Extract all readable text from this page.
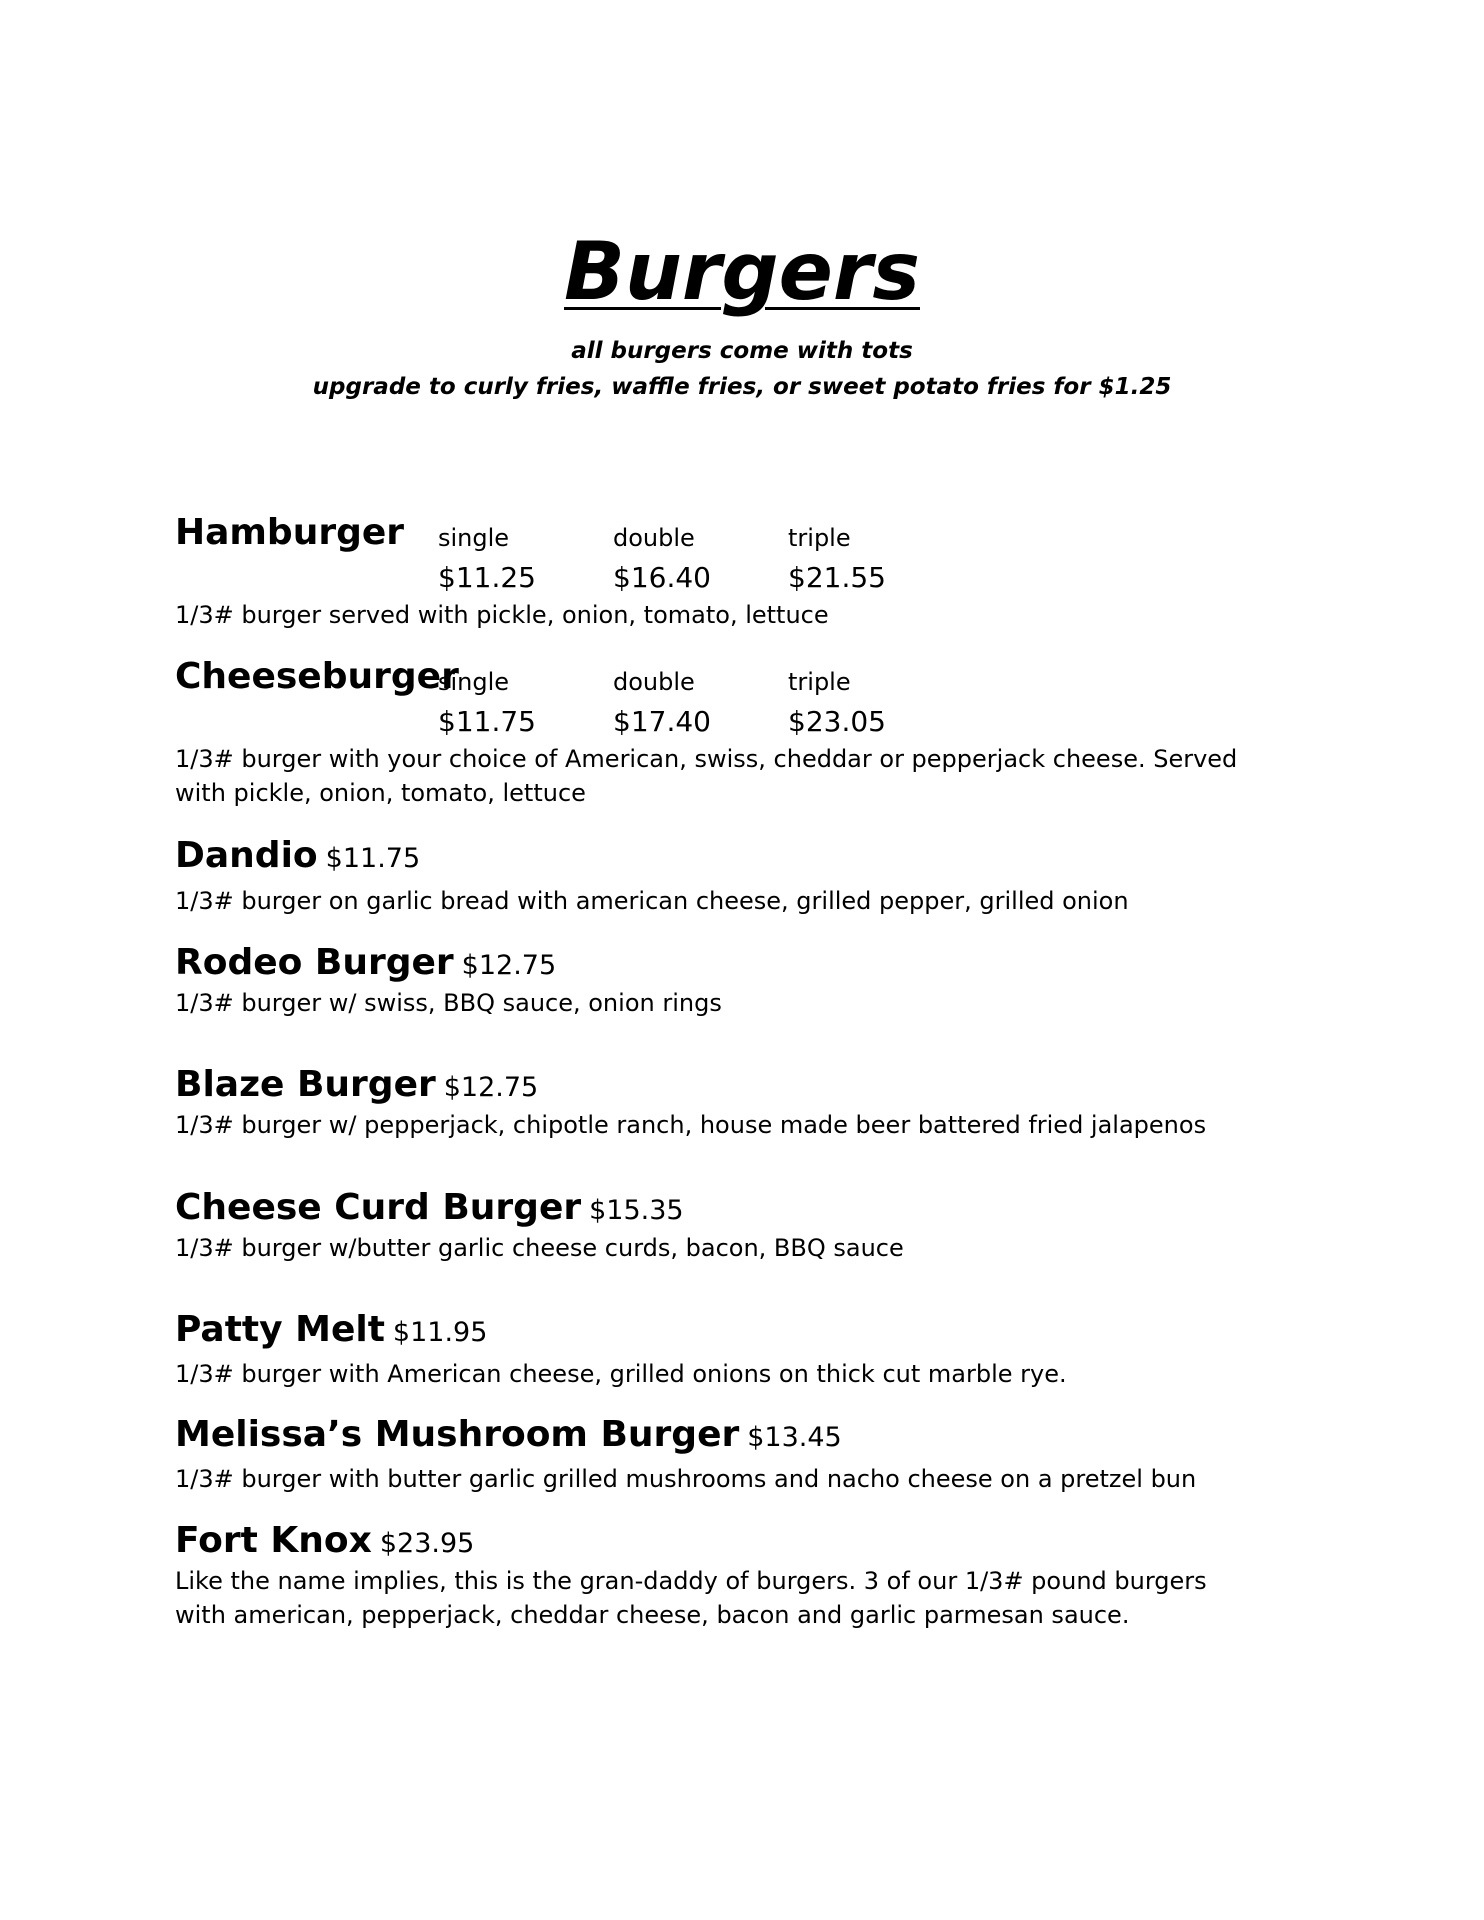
Burgers
all burgers come with tots
upgrade to curly fries, waffle fries, or sweet potato fries for $1.25
Hamburger single	double	triple
$11.25	$16.40	$21.55
1/3# burger served with pickle, onion, tomato, lettuce
Cheeseburger
single	double	triple
$11.75	$17.40	$23.05
1/3# burger with your choice of American, swiss, cheddar or pepperjack cheese. Served with pickle, onion, tomato, lettuce
Dandio $11.75
1/3# burger on garlic bread with american cheese, grilled pepper, grilled onion
Rodeo Burger $12.75
1/3# burger w/ swiss, BBQ sauce, onion rings
Blaze Burger $12.75
1/3# burger w/ pepperjack, chipotle ranch, house made beer battered fried jalapenos
Cheese Curd Burger $15.35
1/3# burger w/butter garlic cheese curds, bacon, BBQ sauce
Patty Melt $11.95
1/3# burger with American cheese, grilled onions on thick cut marble rye.
Melissa’s Mushroom Burger $13.45
1/3# burger with butter garlic grilled mushrooms and nacho cheese on a pretzel bun
Fort Knox $23.95
Like the name implies, this is the gran-daddy of burgers. 3 of our 1/3# pound burgers with american, pepperjack, cheddar cheese, bacon and garlic parmesan sauce.
